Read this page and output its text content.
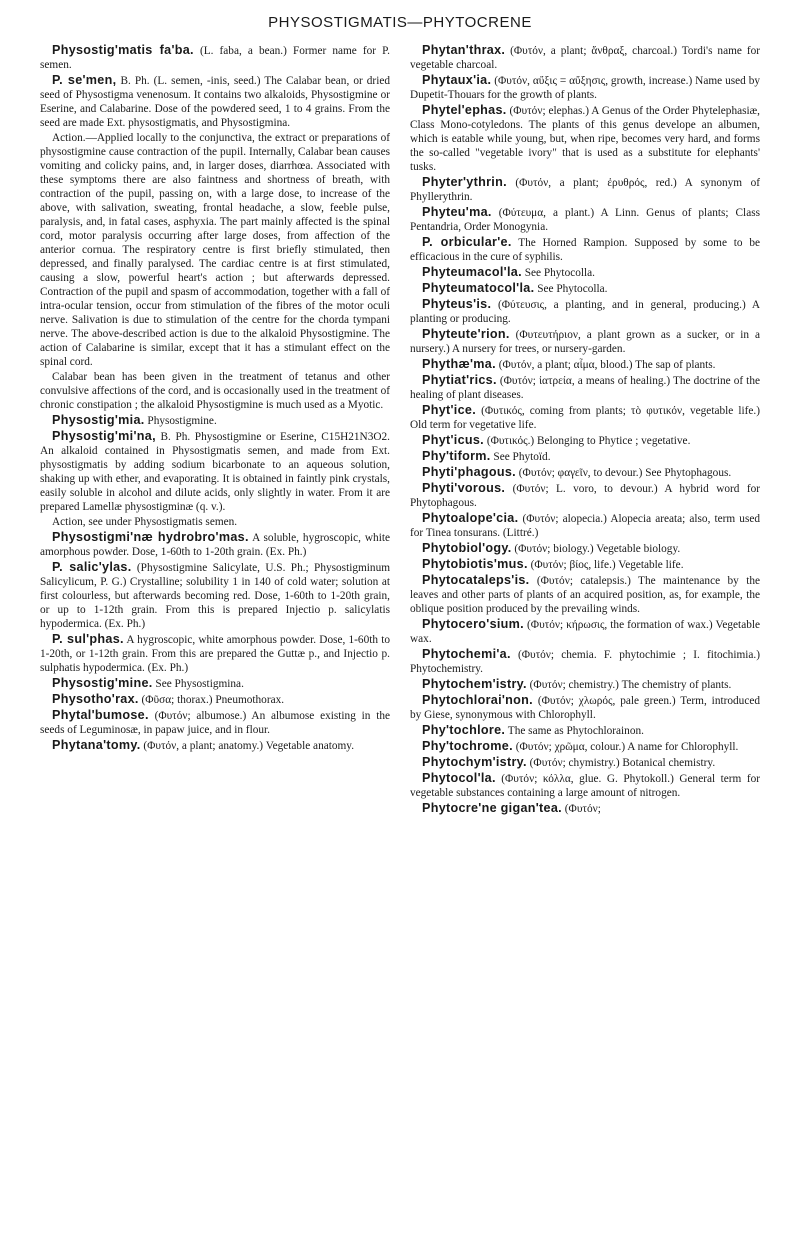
PHYSOSTIGMATIS—PHYTOCRENE

Physostig'matis fa'ba. (L. faba, a bean.) Former name for P. semen.

P. se'men, B. Ph. (L. semen, -inis, seed.) The Calabar bean, or dried seed of Physostigma venenosum. It contains two alkaloids, Physostigmine or Eserine, and Calabarine. Dose of the powdered seed, 1 to 4 grains. From the seed are made Ext. physostigmatis, and Physostigmina.

Action.—Applied locally to the conjunctiva, the extract or preparations of physostigmine cause contraction of the pupil. Internally, Calabar bean causes vomiting and colicky pains, and, in larger doses, diarrhœa. Associated with these symptoms there are also faintness and shortness of breath, with contraction of the pupil, passing on, with a large dose, to increase of the above, with salivation, sweating, frontal headache, a slow, feeble pulse, paralysis, and, in fatal cases, asphyxia. The part mainly affected is the spinal cord, motor paralysis occurring after large doses, from affection of the anterior cornua. The respiratory centre is first briefly stimulated, then depressed, and finally paralysed. The cardiac centre is at first stimulated, causing a slow, powerful heart's action ; but afterwards depressed. Contraction of the pupil and spasm of accommodation, together with a fall of intra-ocular tension, occur from stimulation of the fibres of the motor oculi nerve. Salivation is due to stimulation of the centre for the chorda tympani nerve. The above-described action is due to the alkaloid Physostigmine. The action of Calabarine is similar, except that it has a stimulant effect on the spinal cord.

Calabar bean has been given in the treatment of tetanus and other convulsive affections of the cord, and is occasionally used in the treatment of chronic constipation ; the alkaloid Physostigmine is much used as a Myotic.

Physostig'mia. Physostigmine.

Physostig'mi'na, B. Ph. Physostigmine or Eserine, C15H21N3O2. An alkaloid contained in Physostigmatis semen, and made from Ext. physostigmatis by adding sodium bicarbonate to an aqueous solution, shaking up with ether, and evaporating. It is obtained in faintly pink crystals, easily soluble in alcohol and dilute acids, only slightly in water. From it are prepared Lamellæ physostigminæ (q. v.).

Action, see under Physostigmatis semen.

Physostigmi'næ hydrobro'mas. A soluble, hygroscopic, white amorphous powder. Dose, 1-60th to 1-20th grain. (Ex. Ph.)

P. salic'ylas. (Physostigmine Salicylate, U.S. Ph.; Physostigminum Salicylicum, P. G.) Crystalline; solubility 1 in 140 of cold water; solution at first colourless, but afterwards becoming red. Dose, 1-60th to 1-20th grain, or up to 1-12th grain. From this is prepared Injectio p. salicylatis hypodermica. (Ex. Ph.)

P. sul'phas. A hygroscopic, white amorphous powder. Dose, 1-60th to 1-20th, or 1-12th grain. From this are prepared the Guttæ p., and Injectio p. sulphatis hypodermica. (Ex. Ph.)

Physostig'mine. See Physostigmina.

Physotho'rax. (Φῦσα; thorax.) Pneumothorax.

Phytal'bumose. (Φυτόν; albumose.) An albumose existing in the seeds of Leguminosæ, in papaw juice, and in flour.

Phytana'tomy. (Φυτόν, a plant; anatomy.) Vegetable anatomy.

Phytan'thrax. (Φυτόν, a plant; ἄνθραξ, charcoal.) Tordi's name for vegetable charcoal.

Phytaux'ia. (Φυτόν, αὔξις = αὔξησις, growth, increase.) Name used by Dupetit-Thouars for the growth of plants.

Phytel'ephas. (Φυτόν; elephas.) A Genus of the Order Phytelephasiæ, Class Mono-cotyledons. The plants of this genus develope an albumen, which is eatable while young, but, when ripe, becomes very hard, and forms the so-called "vegetable ivory" that is used as a substitute for elephants' tusks.

Phyter'ythrin. (Φυτόν, a plant; ἐρυθρός, red.) A synonym of Phyllerythrin.

Phyteu'ma. (Φύτευμα, a plant.) A Linn. Genus of plants; Class Pentandria, Order Monogynia.

P. orbicular'e. The Horned Rampion. Supposed by some to be efficacious in the cure of syphilis.

Phyteumacol'la. See Phytocolla.

Phyteumatocol'la. See Phytocolla.

Phyteus'is. (Φύτευσις, a planting, and in general, producing.) A planting or producing.

Phyteute'rion. (Φυτευτήριον, a plant grown as a sucker, or in a nursery.) A nursery for trees, or nursery-garden.

Phythæ'ma. (Φυτόν, a plant; αἷμα, blood.) The sap of plants.

Phytiat'rics. (Φυτόν; ἰατρεία, a means of healing.) The doctrine of the healing of plant diseases.

Phyt'ice. (Φυτικός, coming from plants; τὸ φυτικόν, vegetable life.) Old term for vegetative life.

Phyt'icus. (Φυτικός.) Belonging to Phytice ; vegetative.

Phy'tiform. See Phytoïd.

Phyti'phagous. (Φυτόν; φαγεῖν, to devour.) See Phytophagous.

Phyti'vorous. (Φυτόν; L. voro, to devour.) A hybrid word for Phytophagous.

Phytoalope'cia. (Φυτόν; alopecia.) Alopecia areata; also, term used for Tinea tonsurans. (Littré.)

Phytobiol'ogy. (Φυτόν; biology.) Vegetable biology.

Phytobiotis'mus. (Φυτόν; βίος, life.) Vegetable life.

Phytocataleps'is. (Φυτόν; catalepsis.) The maintenance by the leaves and other parts of plants of an acquired position, as, for example, the oblique position produced by the prevailing winds.

Phytocero'sium. (Φυτόν; κήρωσις, the formation of wax.) Vegetable wax.

Phytochemi'a. (Φυτόν; chemia. F. phytochimie ; I. fitochimia.) Phytochemistry.

Phytochem'istry. (Φυτόν; chemistry.) The chemistry of plants.

Phytochlorai'non. (Φυτόν; χλωρός, pale green.) Term, introduced by Giese, synonymous with Chlorophyll.

Phy'tochlore. The same as Phytochlorainon.

Phy'tochrome. (Φυτόν; χρῶμα, colour.) A name for Chlorophyll.

Phytochym'istry. (Φυτόν; chymistry.) Botanical chemistry.

Phytocol'la. (Φυτόν; κόλλα, glue. G. Phytokoll.) General term for vegetable substances containing a large amount of nitrogen.

Phytocre'ne gigan'tea. (Φυτόν;
